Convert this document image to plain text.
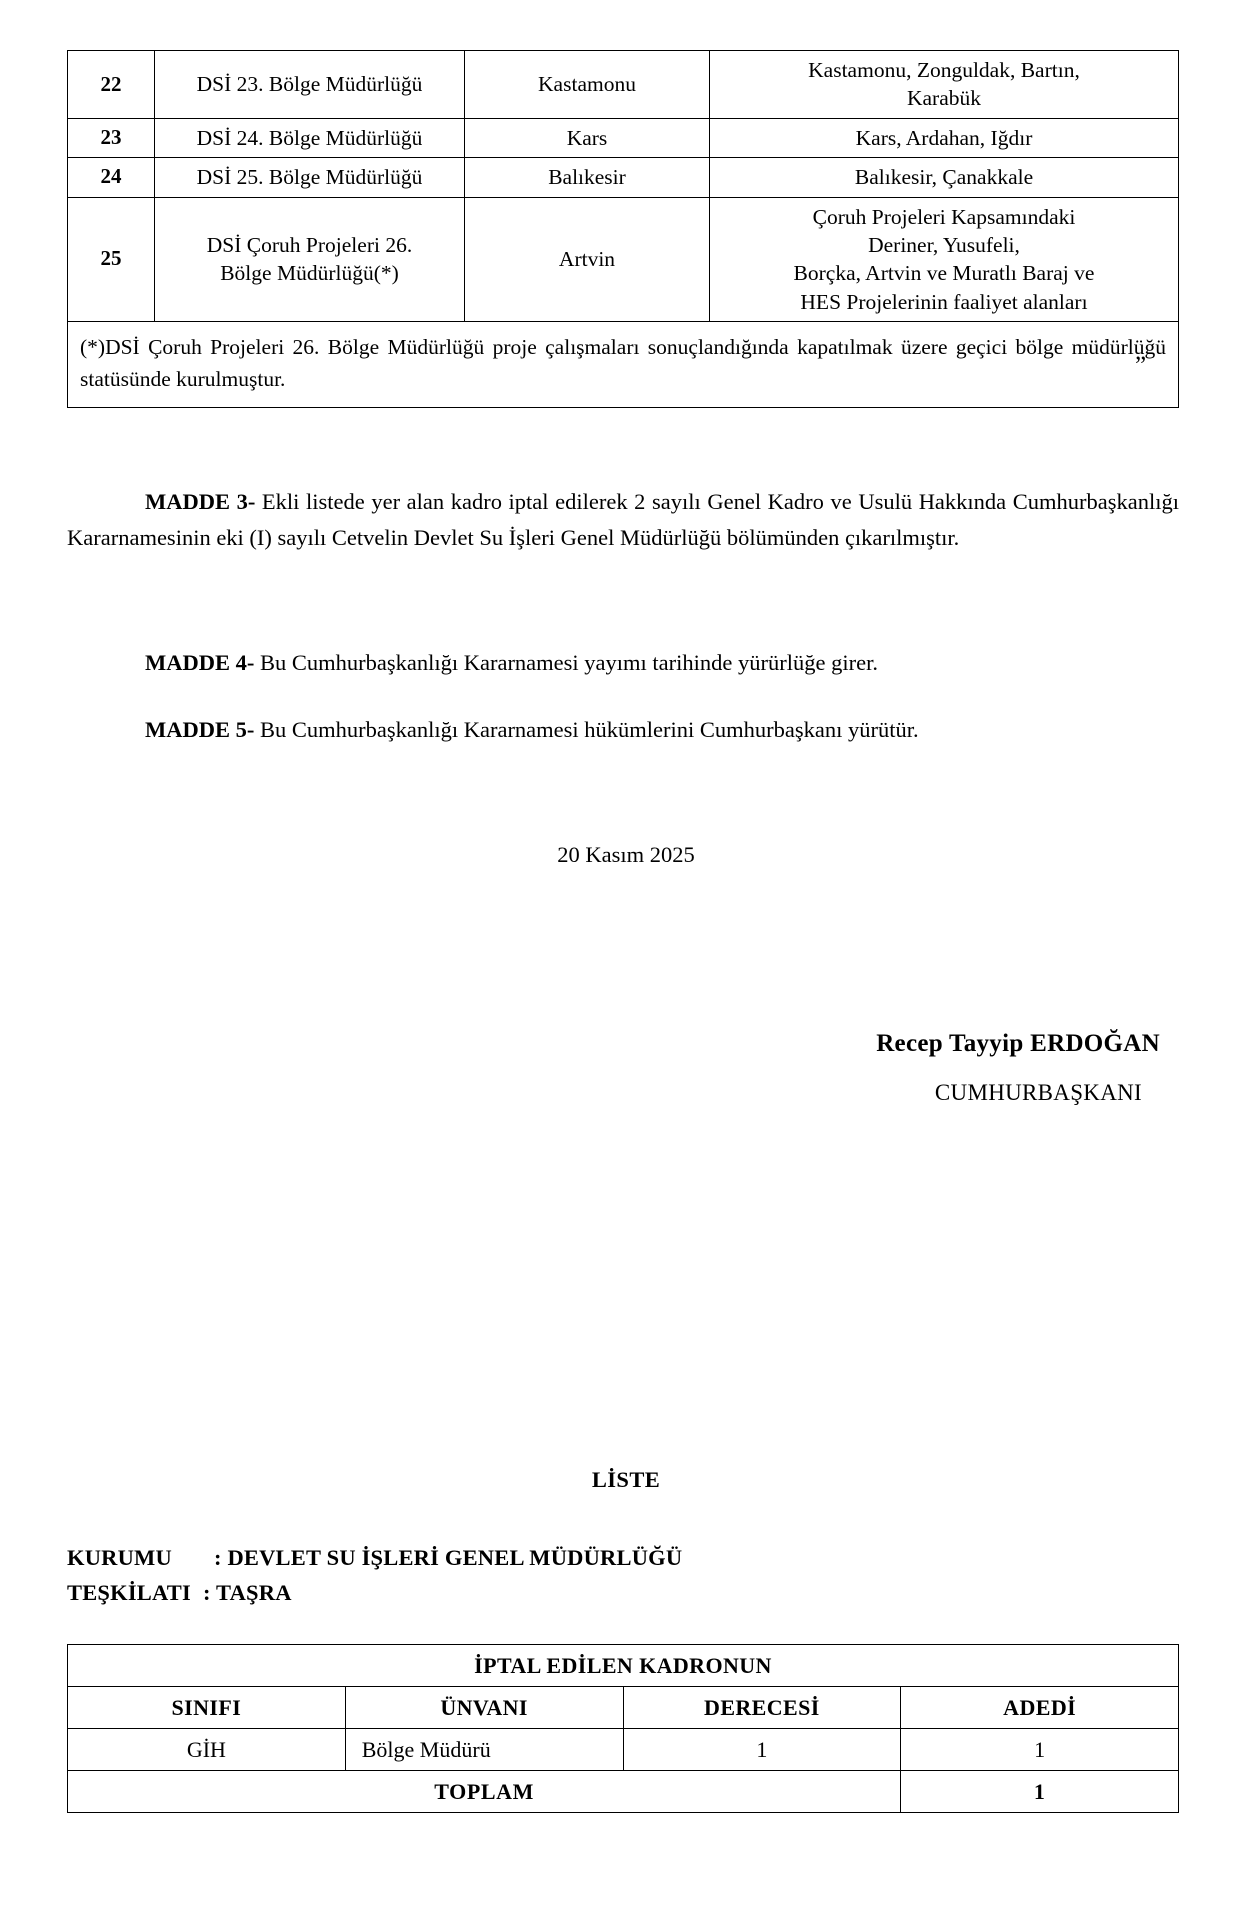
22	DSİ 23. Bölge Müdürlüğü	Kastamonu	Kastamonu, Zonguldak, Bartın,
Karabük

23	DSİ 24. Bölge Müdürlüğü	Kars	Kars, Ardahan, Iğdır
24	DSİ 25. Bölge Müdürlüğü	Balıkesir	Balıkesir, Çanakkale
25	DSİ Çoruh Projeleri 26.
Bölge Müdürlüğü(*)	Artvin	Çoruh Projeleri Kapsamındaki
Deriner, Yusufeli,
Borçka, Artvin ve Muratlı Baraj ve
HES Projelerinin faaliyet alanları

(*)DSİ Çoruh Projeleri 26. Bölge Müdürlüğü proje çalışmaları sonuçlandığında kapatılmak üzere geçici bölge müdürlüğü statüsünde kurulmuştur.			
”
MADDE 3- Ekli listede yer alan kadro iptal edilerek 2 sayılı Genel Kadro ve Usulü Hakkında Cumhurbaşkanlığı Kararnamesinin eki (I) sayılı Cetvelin Devlet Su İşleri Genel Müdürlüğü bölümünden çıkarılmıştır.
MADDE 4- Bu Cumhurbaşkanlığı Kararnamesi yayımı tarihinde yürürlüğe girer.
MADDE 5- Bu Cumhurbaşkanlığı Kararnamesi hükümlerini Cumhurbaşkanı yürütür.
20 Kasım 2025
Recep Tayyip ERDOĞAN
CUMHURBAŞKANI
LİSTE
KURUMU : DEVLET SU İŞLERİ GENEL MÜDÜRLÜĞÜ
TEŞKİLATI : TAŞRA
İPTAL EDİLEN KADRONUN			
SINIFI	ÜNVANI	DERECESİ	ADEDİ
GİH	Bölge Müdürü	1	1
TOPLAM			1
